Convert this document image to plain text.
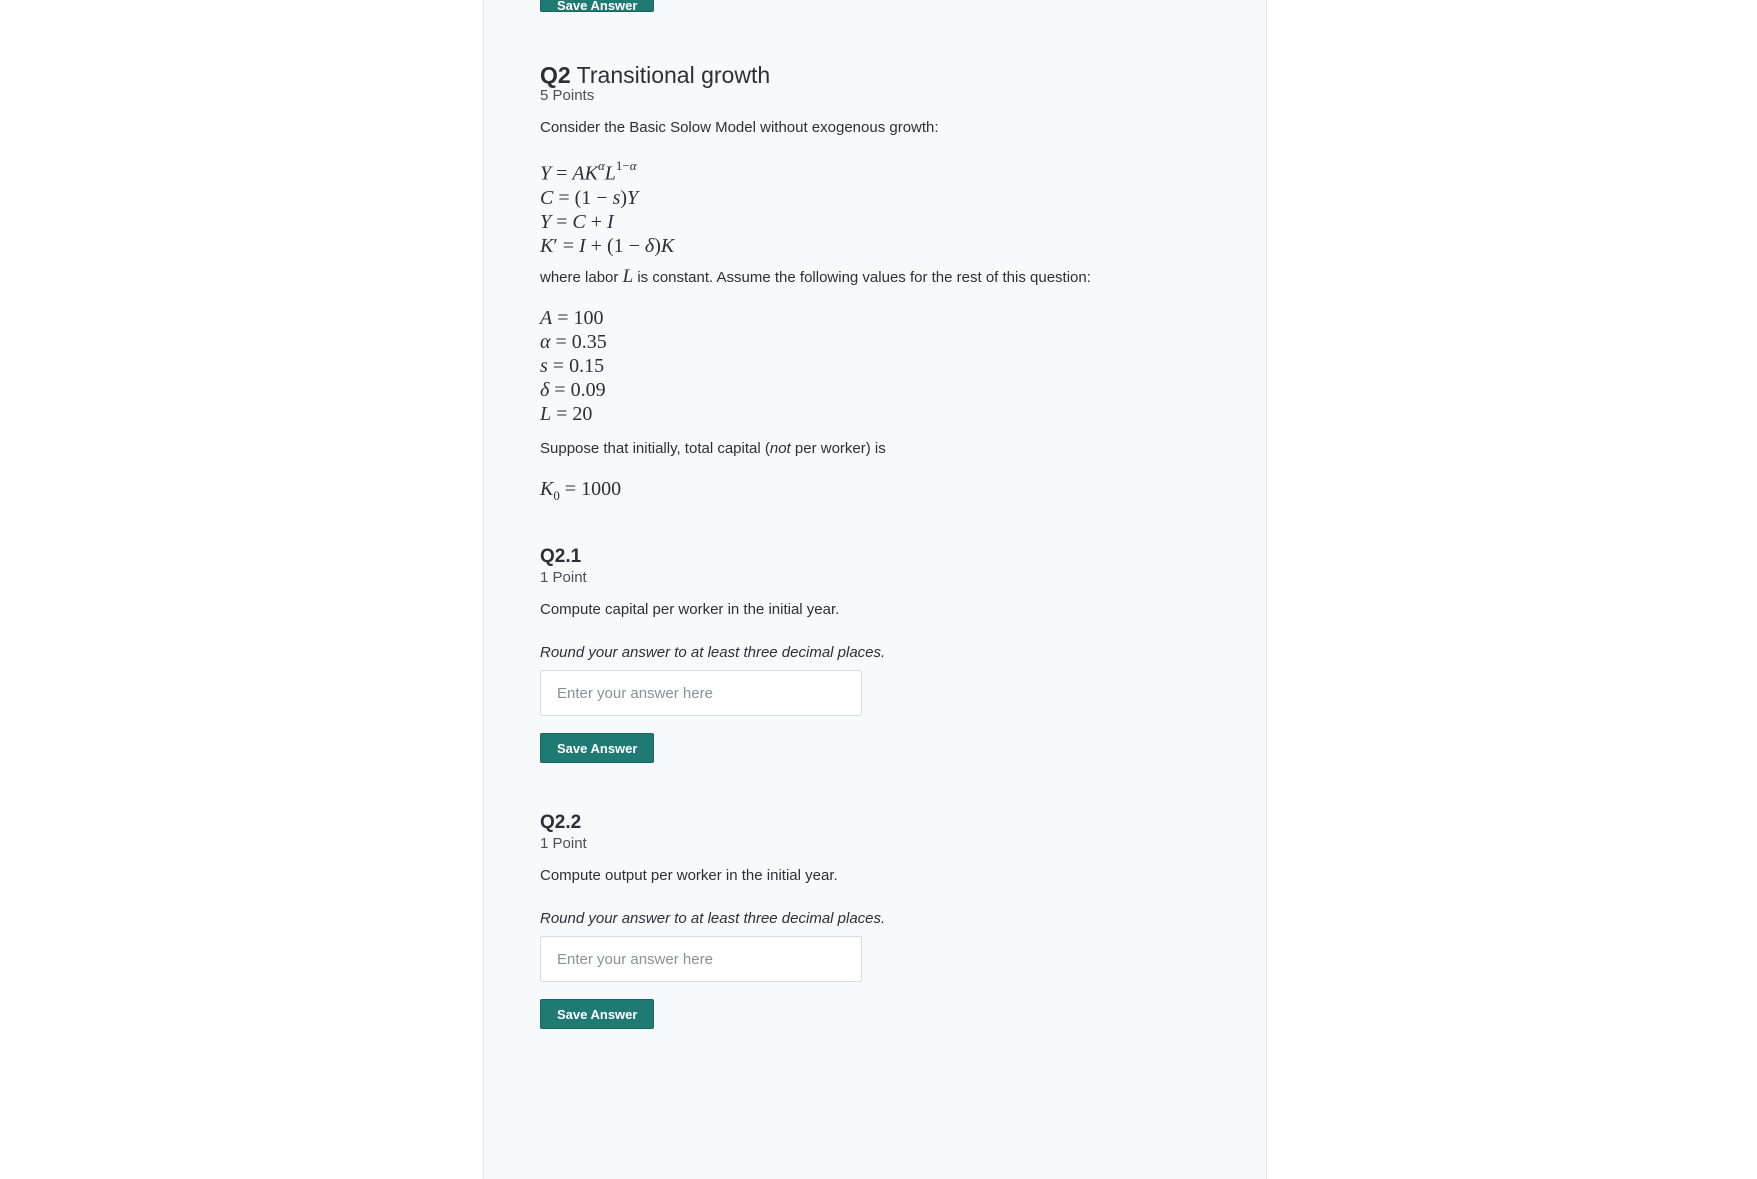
Save Answer
Q2 Transitional growth
5 Points
Consider the Basic Solow Model without exogenous growth:
$Y = AK^\alpha L^{1-\alpha}$
C = (1 − s)Y
Y = C + I
K′ = I + (1 − δ)K
where labor L is constant. Assume the following values for the rest of this question:
A = 100
α = 0.35
s = 0.15
δ = 0.09
L = 20
Suppose that initially, total capital (not per worker) is
$K_0 = 1000$
Q2.1
1 Point
Compute capital per worker in the initial year.
Round your answer to at least three decimal places.
Enter your answer here
Save Answer
Q2.2
1 Point
Compute output per worker in the initial year.
Round your answer to at least three decimal places.
Enter your answer here
Save Answer
